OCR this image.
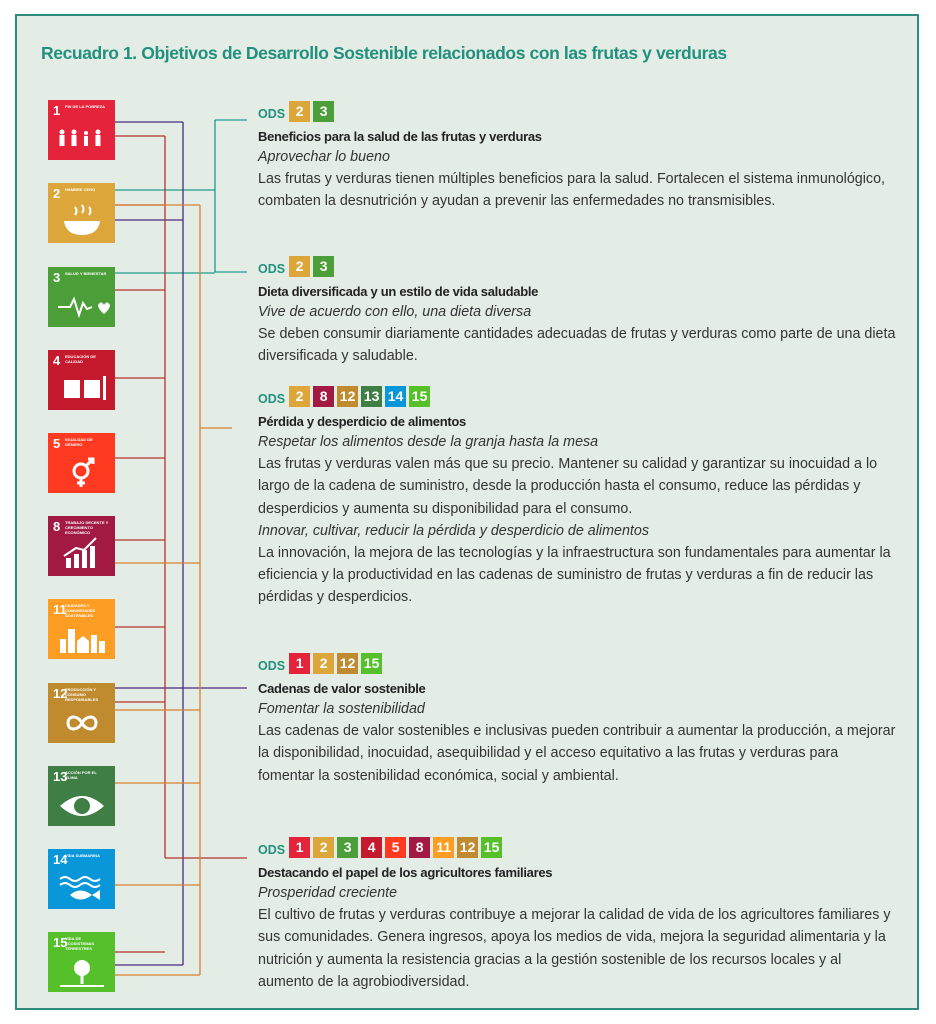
Recuadro 1. Objetivos de Desarrollo Sostenible relacionados con las frutas y verduras
1 FIN DE LA POBREZA
2 HAMBRE CERO
3 SALUD Y BIENESTAR
4 EDUCACIÓN DE CALIDAD
5 IGUALDAD DE GÉNERO
8 TRABAJO DECENTE Y CRECIMIENTO ECONÓMICO
11
CIUDADES Y COMUNIDADES SOSTENIBLES
12
PRODUCCIÓN Y CONSUMO RESPONSABLES
13
ACCIÓN POR EL CLIMA
14
VIDA SUBMARINA
15
VIDA DE ECOSISTEMAS TERRESTRES
ODS 2 3
Beneficios para la salud de las frutas y verduras
Aprovechar lo bueno
Las frutas y verduras tienen múltiples beneficios para la salud. Fortalecen el sistema inmunológico, combaten la desnutrición y ayudan a prevenir las enfermedades no transmisibles.
ODS 2 3
Dieta diversificada y un estilo de vida saludable
Vive de acuerdo con ello, una dieta diversa
Se deben consumir diariamente cantidades adecuadas de frutas y verduras como parte de una dieta diversificada y saludable.
ODS 2 8 12 13 14 15
Pérdida y desperdicio de alimentos
Respetar los alimentos desde la granja hasta la mesa
Las frutas y verduras valen más que su precio. Mantener su calidad y garantizar su inocuidad a lo largo de la cadena de suministro, desde la producción hasta el consumo, reduce las pérdidas y desperdicios y aumenta su disponibilidad para el consumo.
Innovar, cultivar, reducir la pérdida y desperdicio de alimentos
La innovación, la mejora de las tecnologías y la infraestructura son fundamentales para aumentar la eficiencia y la productividad en las cadenas de suministro de frutas y verduras a fin de reducir las pérdidas y desperdicios.
ODS 1 2 12 15
Cadenas de valor sostenible
Fomentar la sostenibilidad
Las cadenas de valor sostenibles e inclusivas pueden contribuir a aumentar la producción, a mejorar la disponibilidad, inocuidad, asequibilidad y el acceso equitativo a las frutas y verduras para fomentar la sostenibilidad económica, social y ambiental.
ODS 1 2 3 4 5 8 11 12 15
Destacando el papel de los agricultores familiares
Prosperidad creciente
El cultivo de frutas y verduras contribuye a mejorar la calidad de vida de los agricultores familiares y sus comunidades. Genera ingresos, apoya los medios de vida, mejora la seguridad alimentaria y la nutrición y aumenta la resistencia gracias a la gestión sostenible de los recursos locales y al aumento de la agrobiodiversidad.
